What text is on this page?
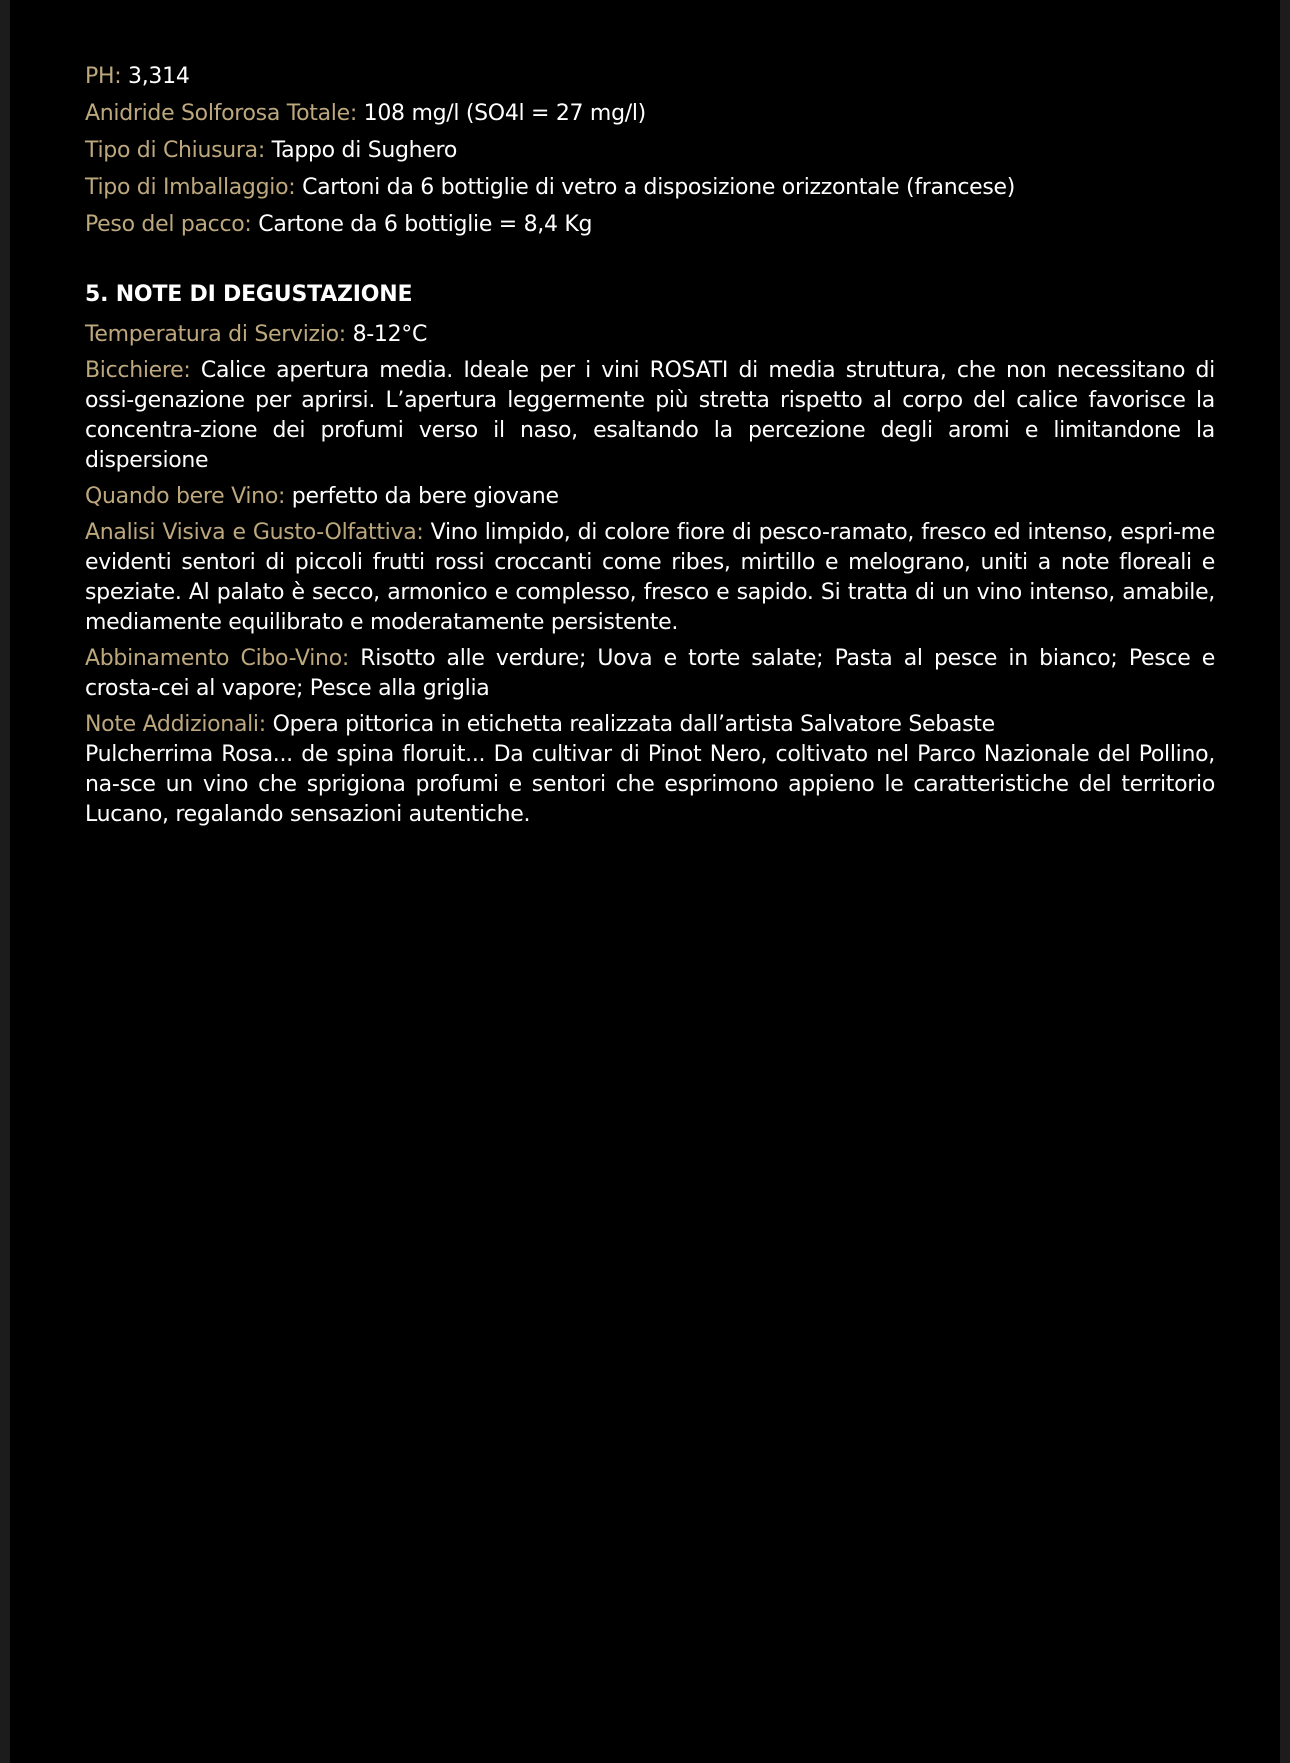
PH: 3,314
Anidride Solforosa Totale: 108 mg/l (SO4l = 27 mg/l)
Tipo di Chiusura: Tappo di Sughero
Tipo di Imballaggio: Cartoni da 6 bottiglie di vetro a disposizione orizzontale (francese)
Peso del pacco: Cartone da 6 bottiglie = 8,4 Kg
5. NOTE DI DEGUSTAZIONE
Temperatura di Servizio: 8-12°C
Bicchiere: Calice apertura media. Ideale per i vini ROSATI di media struttura, che non necessitano di ossi-genazione per aprirsi. L’apertura leggermente più stretta rispetto al corpo del calice favorisce la concentra-zione dei profumi verso il naso, esaltando la percezione degli aromi e limitandone la dispersione
Quando bere Vino: perfetto da bere giovane
Analisi Visiva e Gusto-Olfattiva: Vino limpido, di colore fiore di pesco-ramato, fresco ed intenso, espri-me evidenti sentori di piccoli frutti rossi croccanti come ribes, mirtillo e melograno, uniti a note floreali e speziate. Al palato è secco, armonico e complesso, fresco e sapido. Si tratta di un vino intenso, amabile, mediamente equilibrato e moderatamente persistente.
Abbinamento Cibo-Vino: Risotto alle verdure; Uova e torte salate; Pasta al pesce in bianco; Pesce e crosta-cei al vapore; Pesce alla griglia
Note Addizionali: Opera pittorica in etichetta realizzata dall’artista Salvatore Sebaste
Pulcherrima Rosa... de spina floruit... Da cultivar di Pinot Nero, coltivato nel Parco Nazionale del Pollino, na-sce un vino che sprigiona profumi e sentori che esprimono appieno le caratteristiche del territorio Lucano, regalando sensazioni autentiche.
